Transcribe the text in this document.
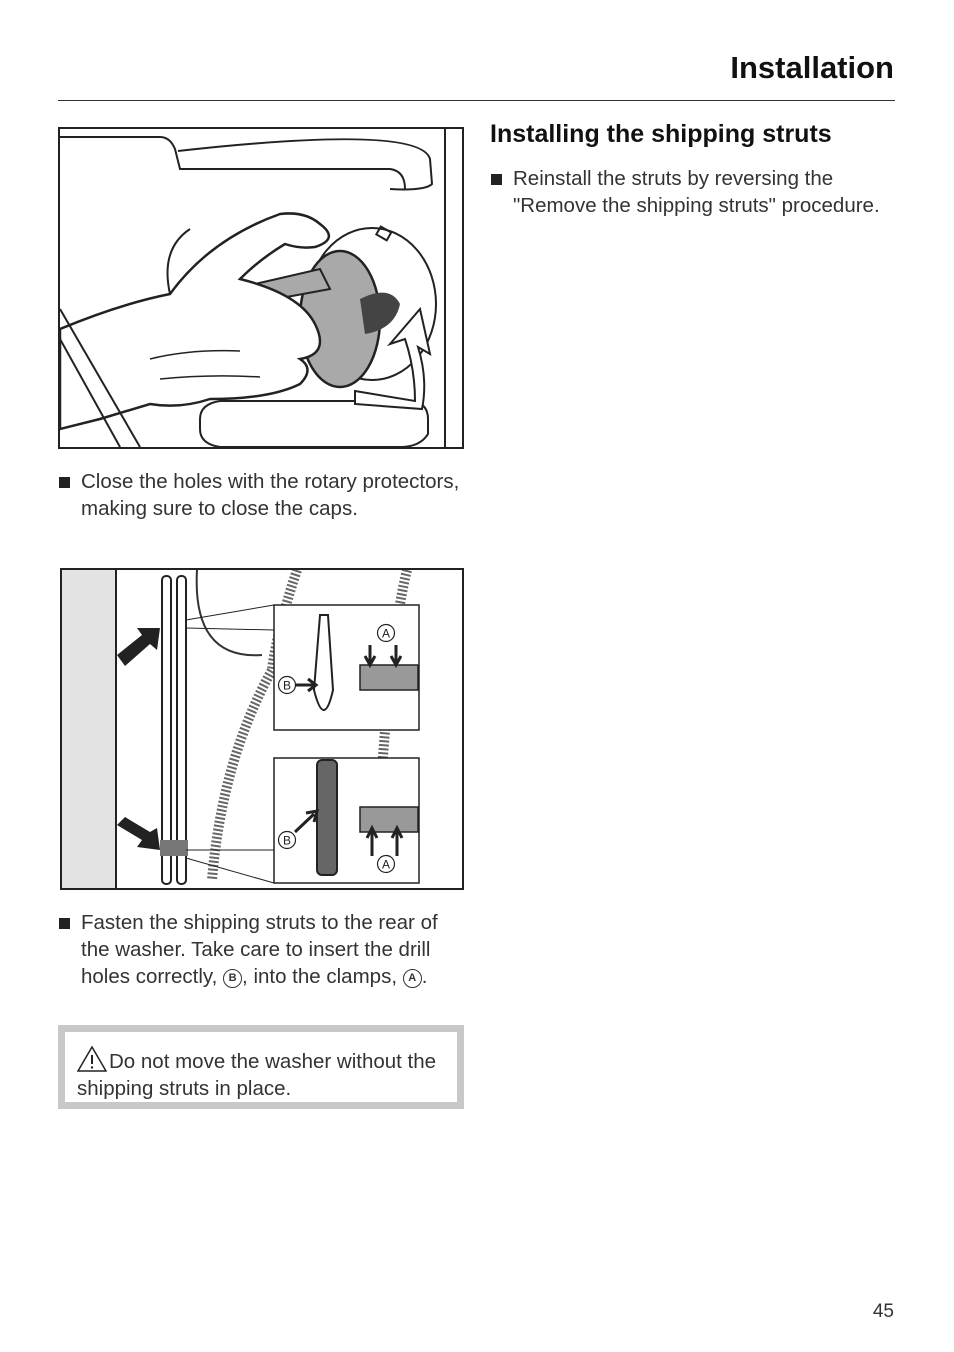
Installation
Close the holes with the rotary protectors, making sure to close the caps.
A
B
B
A
Fasten the shipping struts to the rear of the washer. Take care to insert the drill holes correctly, B , into the clamps, A .
Do not move the washer without the shipping struts in place.
Installing the shipping struts
Reinstall the struts by reversing the "Remove the shipping struts" procedure.
45
